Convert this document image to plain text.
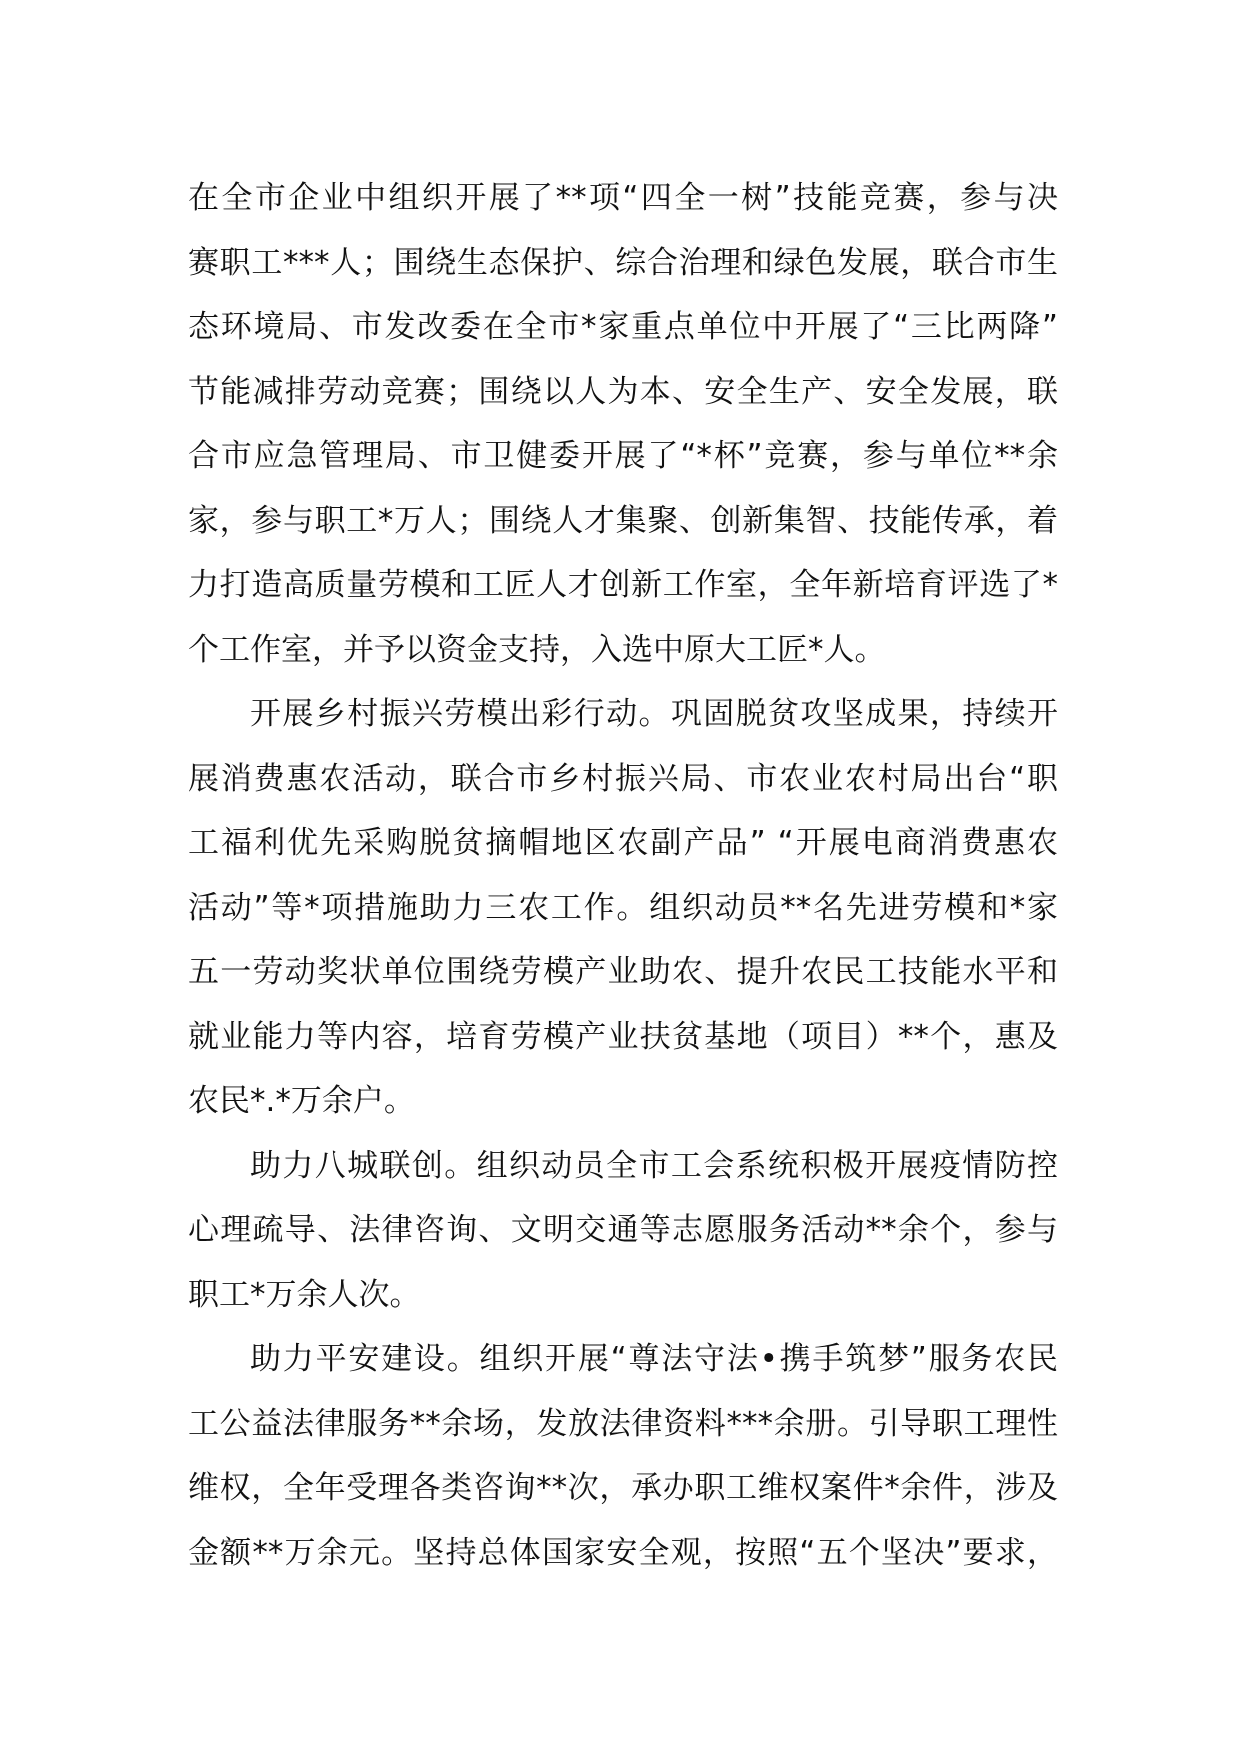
在全市企业中组织开展了**项“四全一树”技能竞赛，参与决
赛职工***人；围绕生态保护、综合治理和绿色发展，联合市生
态环境局、市发改委在全市*家重点单位中开展了“三比两降”
节能减排劳动竞赛；围绕以人为本、安全生产、安全发展，联
合市应急管理局、市卫健委开展了“*杯”竞赛，参与单位**余
家，参与职工*万人；围绕人才集聚、创新集智、技能传承，着
力打造高质量劳模和工匠人才创新工作室，全年新培育评选了*
个工作室，并予以资金支持，入选中原大工匠*人。
开展乡村振兴劳模出彩行动。巩固脱贫攻坚成果，持续开
展消费惠农活动，联合市乡村振兴局、市农业农村局出台“职
工福利优先采购脱贫摘帽地区农副产品” “开展电商消费惠农
活动”等*项措施助力三农工作。组织动员**名先进劳模和*家
五一劳动奖状单位围绕劳模产业助农、提升农民工技能水平和
就业能力等内容，培育劳模产业扶贫基地（项目）**个，惠及
农民*.*万余户。
助力八城联创。组织动员全市工会系统积极开展疫情防控
心理疏导、法律咨询、文明交通等志愿服务活动**余个，参与
职工*万余人次。
助力平安建设。组织开展“尊法守法•携手筑梦”服务农民
工公益法律服务**余场，发放法律资料***余册。引导职工理性
维权，全年受理各类咨询**次，承办职工维权案件*余件，涉及
金额**万余元。坚持总体国家安全观，按照“五个坚决”要求，
